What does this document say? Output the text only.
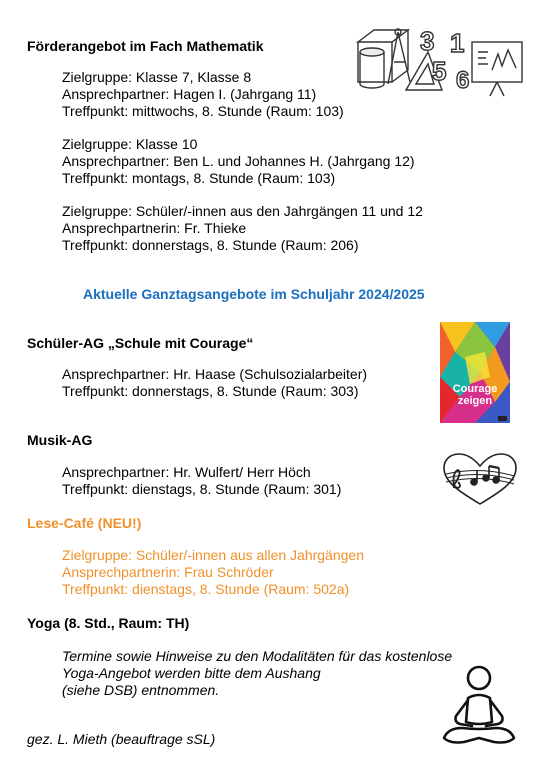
Förderangebot im Fach Mathematik
Zielgruppe: Klasse 7, Klasse 8
Ansprechpartner: Hagen I. (Jahrgang 11)
Treffpunkt: mittwochs, 8. Stunde (Raum: 103)
Zielgruppe: Klasse 10
Ansprechpartner: Ben L. und Johannes H. (Jahrgang 12)
Treffpunkt: montags, 8. Stunde (Raum: 103)
Zielgruppe: Schüler/-innen aus den Jahrgängen 11 und 12
Ansprechpartnerin: Fr. Thieke
Treffpunkt: donnerstags, 8. Stunde (Raum: 206)
3
5
1
6
Aktuelle Ganztagsangebote im Schuljahr 2024/2025
Schüler-AG „Schule mit Courage“
Ansprechpartner: Hr. Haase (Schulsozialarbeiter)
Treffpunkt: donnerstags, 8. Stunde (Raum: 303)	Courage
zeigen
Musik-AG
Ansprechpartner: Hr. Wulfert/ Herr Höch
Treffpunkt: dienstags, 8. Stunde (Raum: 301)
Lese-Café (NEU!)
Zielgruppe: Schüler/-innen aus allen Jahrgängen
Ansprechpartnerin: Frau Schröder
Treffpunkt: dienstags, 8. Stunde (Raum: 502a)
Yoga (8. Std., Raum: TH)
Termine sowie Hinweise zu den Modalitäten für das kostenlose
Yoga-Angebot werden bitte dem Aushang
(siehe DSB) entnommen.
gez. L. Mieth (beauftrage sSL)
